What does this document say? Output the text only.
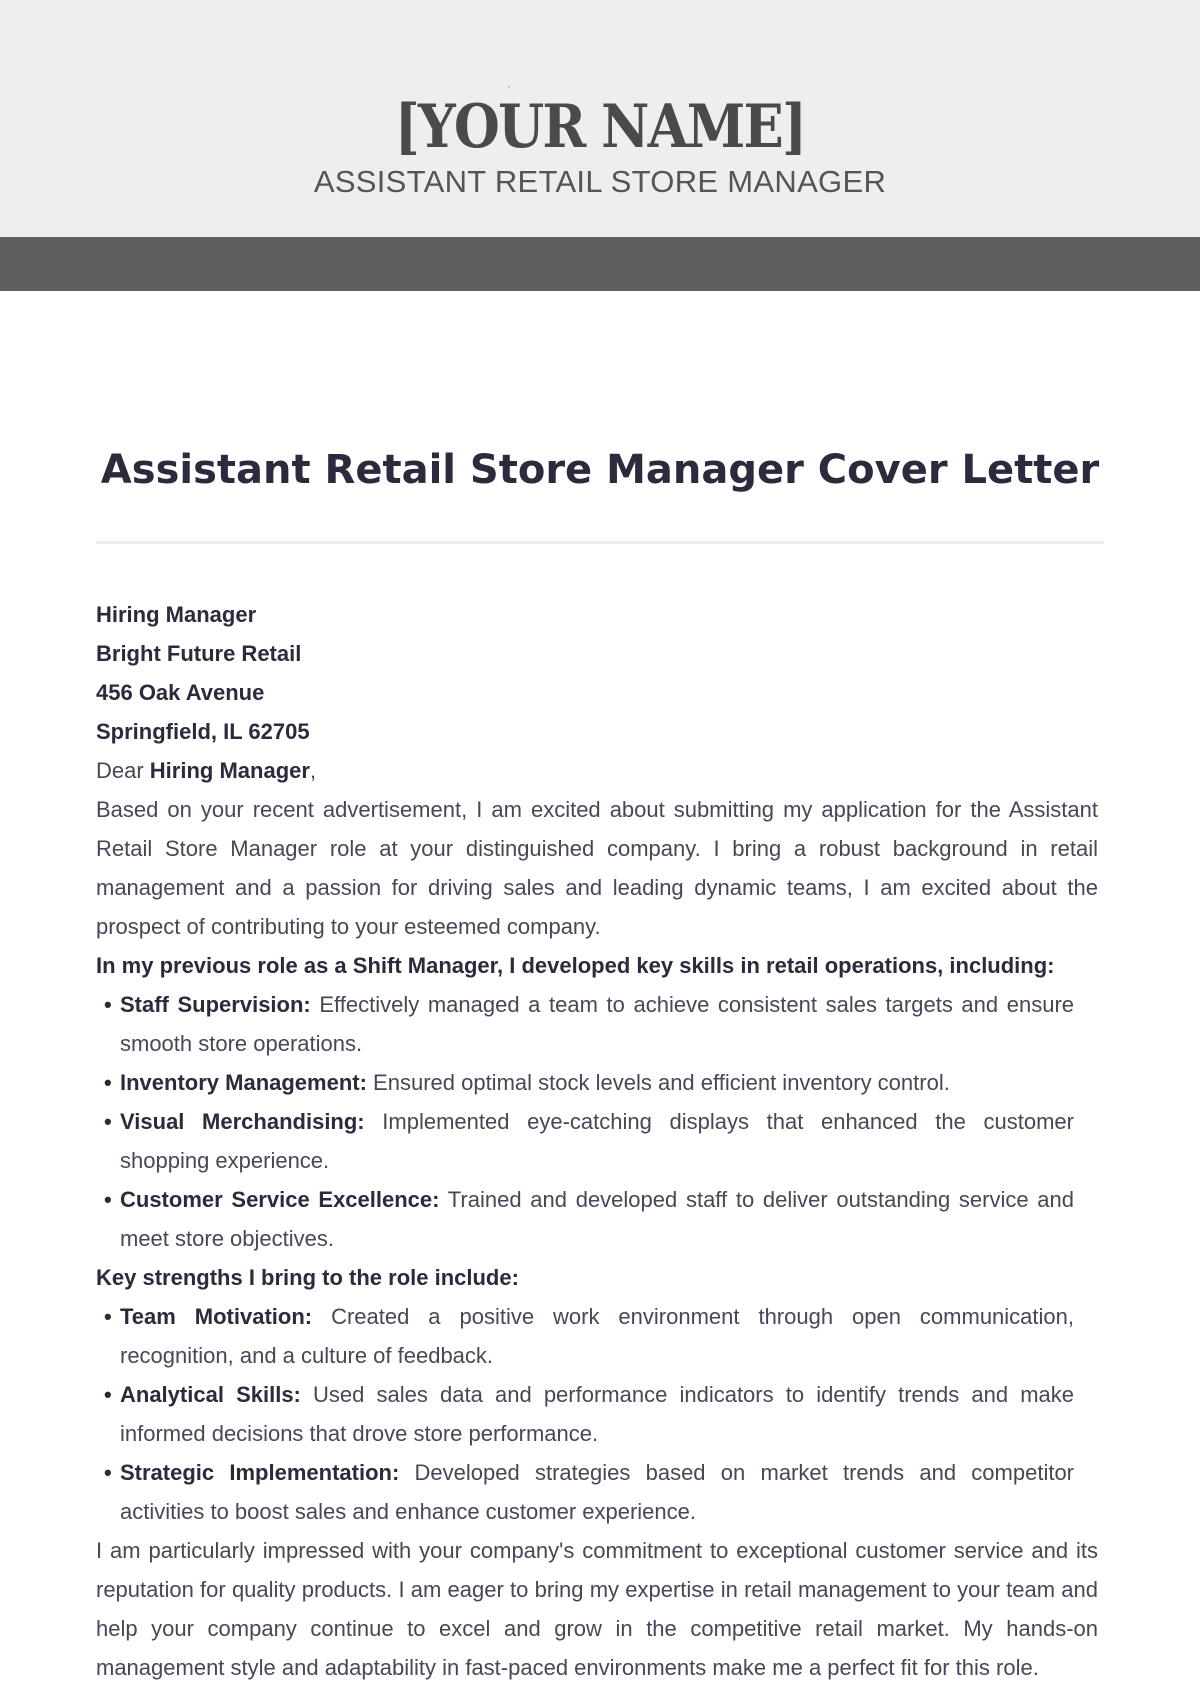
[YOUR NAME]
ASSISTANT RETAIL STORE MANAGER
Assistant Retail Store Manager Cover Letter

Hiring Manager

Bright Future Retail

456 Oak Avenue

Springfield, IL 62705

Dear Hiring Manager,

Based on your recent advertisement, I am excited about submitting my application for the Assistant Retail Store Manager role at your distinguished company. I bring a robust background in retail management and a passion for driving sales and leading dynamic teams, I am excited about the prospect of contributing to your esteemed company.

In my previous role as a Shift Manager, I developed key skills in retail operations, including:

• Staff Supervision: Effectively managed a team to achieve consistent sales targets and ensure smooth store operations.
• Inventory Management: Ensured optimal stock levels and efficient inventory control.
• Visual Merchandising: Implemented eye-catching displays that enhanced the customer shopping experience.
• Customer Service Excellence: Trained and developed staff to deliver outstanding service and meet store objectives.

Key strengths I bring to the role include:

• Team Motivation: Created a positive work environment through open communication, recognition, and a culture of feedback.
• Analytical Skills: Used sales data and performance indicators to identify trends and make informed decisions that drove store performance.
• Strategic Implementation: Developed strategies based on market trends and competitor activities to boost sales and enhance customer experience.

I am particularly impressed with your company's commitment to exceptional customer service and its reputation for quality products. I am eager to bring my expertise in retail management to your team and help your company continue to excel and grow in the competitive retail market. My hands-on management style and adaptability in fast-paced environments make me a perfect fit for this role.
